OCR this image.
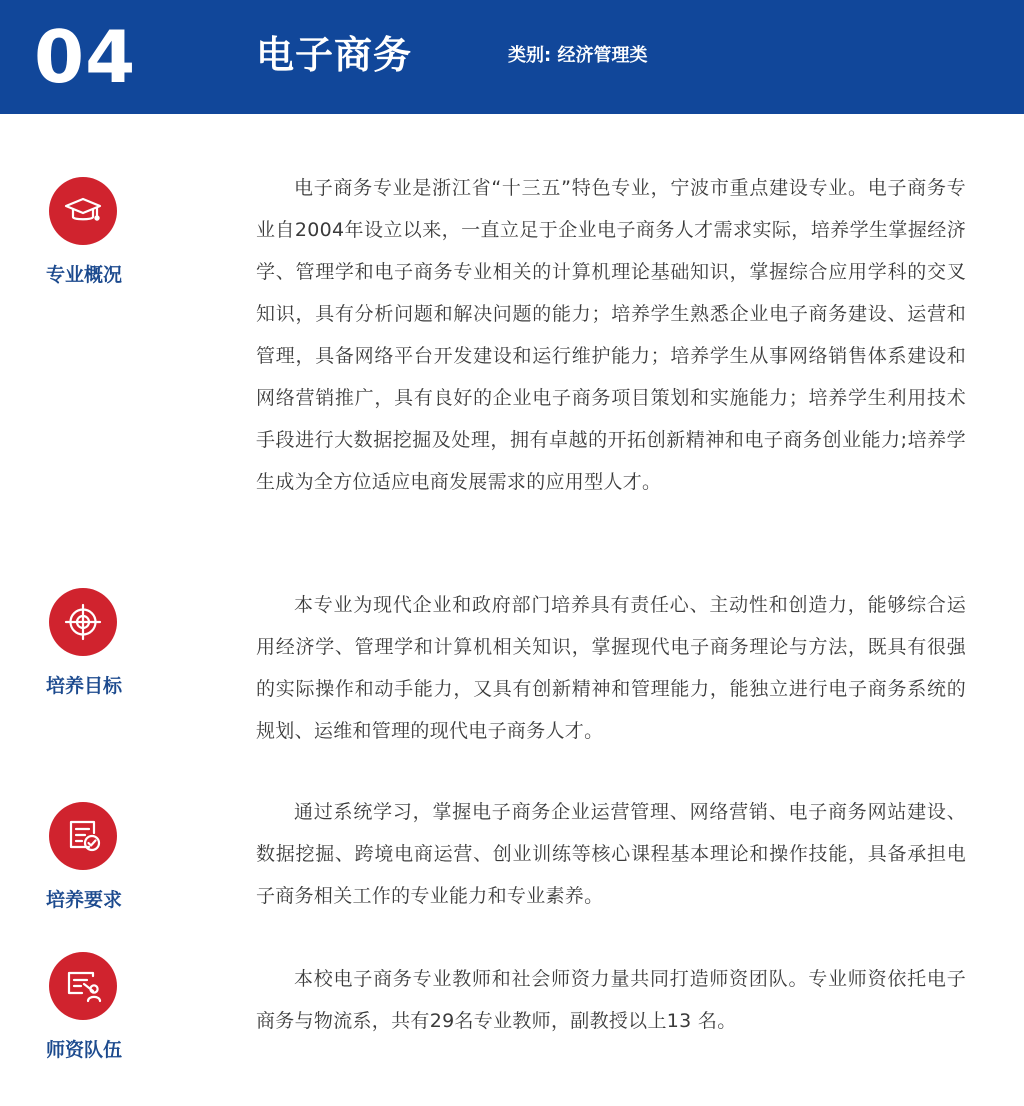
04	电子商务	类别: 经济管理类
专业概况

电子商务专业是浙江省“十三五”特色专业，宁波市重点建设专业。电子商务专业自2004年设立以来，一直立足于企业电子商务人才需求实际，培养学生掌握经济学、管理学和电子商务专业相关的计算机理论基础知识，掌握综合应用学科的交叉知识，具有分析问题和解决问题的能力；培养学生熟悉企业电子商务建设、运营和管理，具备网络平台开发建设和运行维护能力；培养学生从事网络销售体系建设和网络营销推广，具有良好的企业电子商务项目策划和实施能力；培养学生利用技术手段进行大数据挖掘及处理，拥有卓越的开拓创新精神和电子商务创业能力;培养学生成为全方位适应电商发展需求的应用型人才。

培养目标

本专业为现代企业和政府部门培养具有责任心、主动性和创造力，能够综合运用经济学、管理学和计算机相关知识，掌握现代电子商务理论与方法，既具有很强的实际操作和动手能力，又具有创新精神和管理能力，能独立进行电子商务系统的规划、运维和管理的现代电子商务人才。

培养要求

通过系统学习，掌握电子商务企业运营管理、网络营销、电子商务网站建设、数据挖掘、跨境电商运营、创业训练等核心课程基本理论和操作技能，具备承担电子商务相关工作的专业能力和专业素养。

师资队伍

本校电子商务专业教师和社会师资力量共同打造师资团队。专业师资依托电子商务与物流系，共有29名专业教师，副教授以上13 名。
